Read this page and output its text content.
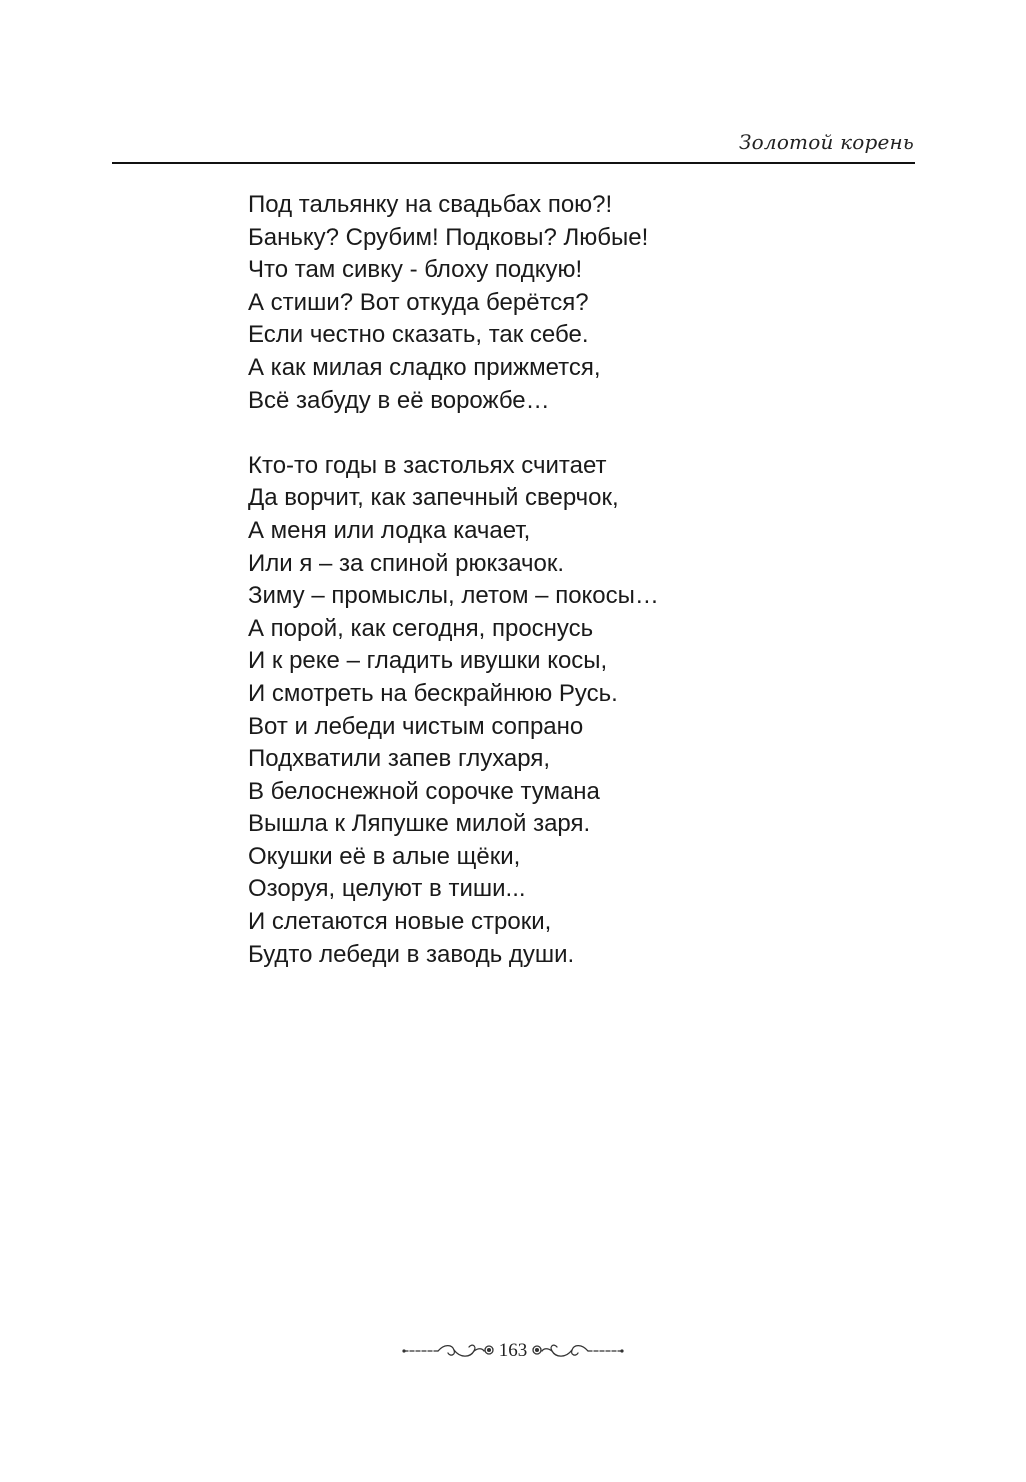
Золотой корень
Под тальянку на свадьбах пою?!
Баньку? Срубим! Подковы? Любые!
Что там сивку - блоху подкую!
А стиши? Вот откуда берётся?
Если честно сказать, так себе.
А как милая сладко прижмется,
Всё забуду в её ворожбе…
Кто-то годы в застольях считает
Да ворчит, как запечный сверчок,
А меня или лодка качает,
Или я – за спиной рюкзачок.
Зиму – промыслы, летом – покосы…
А порой, как сегодня, проснусь
И к реке – гладить ивушки косы,
И смотреть на бескрайнюю Русь.
Вот и лебеди чистым сопрано
Подхватили запев глухаря,
В белоснежной сорочке тумана
Вышла к Ляпушке милой заря.
Окушки её в алые щёки,
Озоруя, целуют в тиши...
И слетаются новые строки,
Будто лебеди в заводь души.
163
